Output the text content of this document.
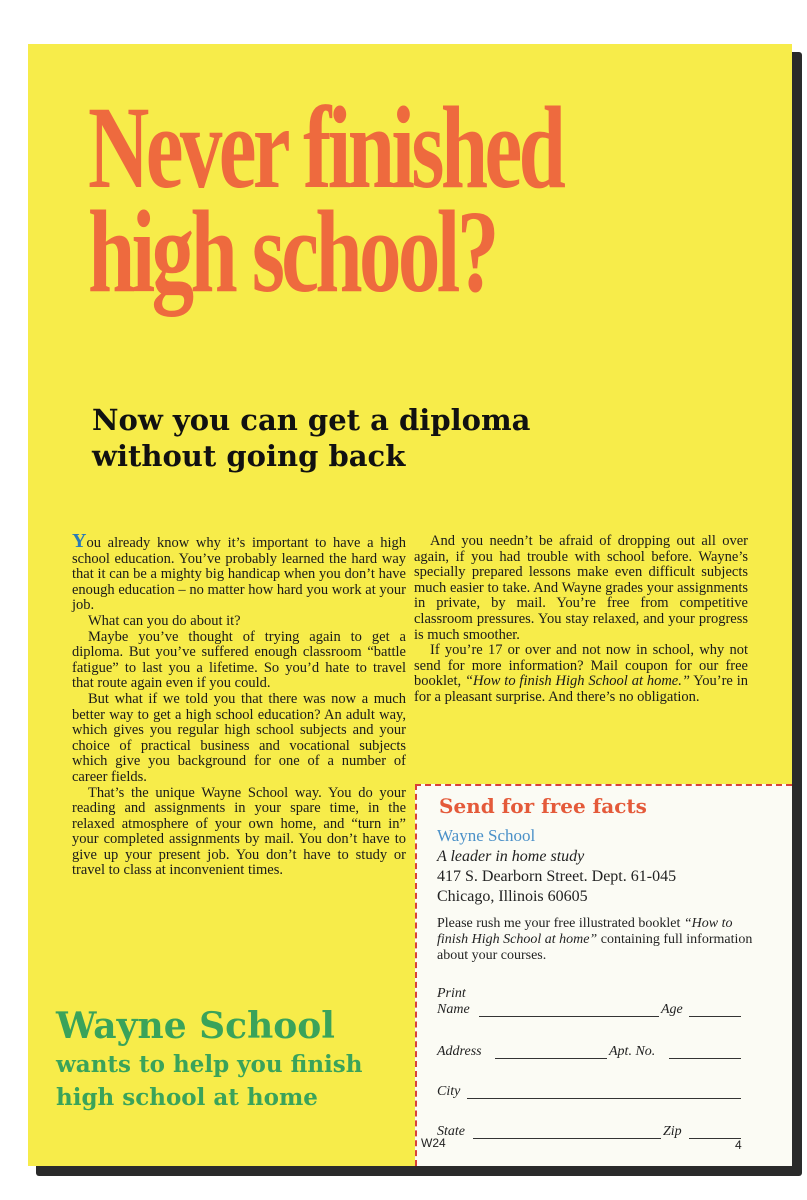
Never finished
high school?
Now you can get a diploma
without going back

You already know why it’s important to have a high school education. You’ve probably learned the hard way that it can be a mighty big handicap when you don’t have enough education – no matter how hard you work at your job.

What can you do about it?

Maybe you’ve thought of trying again to get a diploma. But you’ve suffered enough classroom “battle fatigue” to last you a lifetime. So you’d hate to travel that route again even if you could.

But what if we told you that there was now a much better way to get a high school education? An adult way, which gives you regular high school subjects and your choice of practical business and vocational subjects which give you background for one of a number of career fields.

That’s the unique Wayne School way. You do your reading and assignments in your spare time, in the relaxed atmosphere of your own home, and “turn in” your completed assignments by mail. You don’t have to give up your present job. You don’t have to study or travel to class at inconvenient times.

And you needn’t be afraid of dropping out all over again, if you had trouble with school before. Wayne’s specially prepared lessons make even difficult subjects much easier to take. And Wayne grades your assignments in private, by mail. You’re free from competitive classroom pressures. You stay relaxed, and your progress is much smoother.

If you’re 17 or over and not now in school, why not send for more information? Mail coupon for our free booklet, “How to finish High School at home.” You’re in for a pleasant surprise. And there’s no obligation.

Wayne School
wants to help you finish
high school at home
Send for free facts
Wayne School
A leader in home study
417 S. Dearborn Street. Dept. 61-045
Chicago, Illinois 60605
Please rush me your free illustrated booklet “How to finish High School at home” containing full information about your courses.
Print
Name	Age
Address	Apt. No.
City
State	Zip
W24	4
